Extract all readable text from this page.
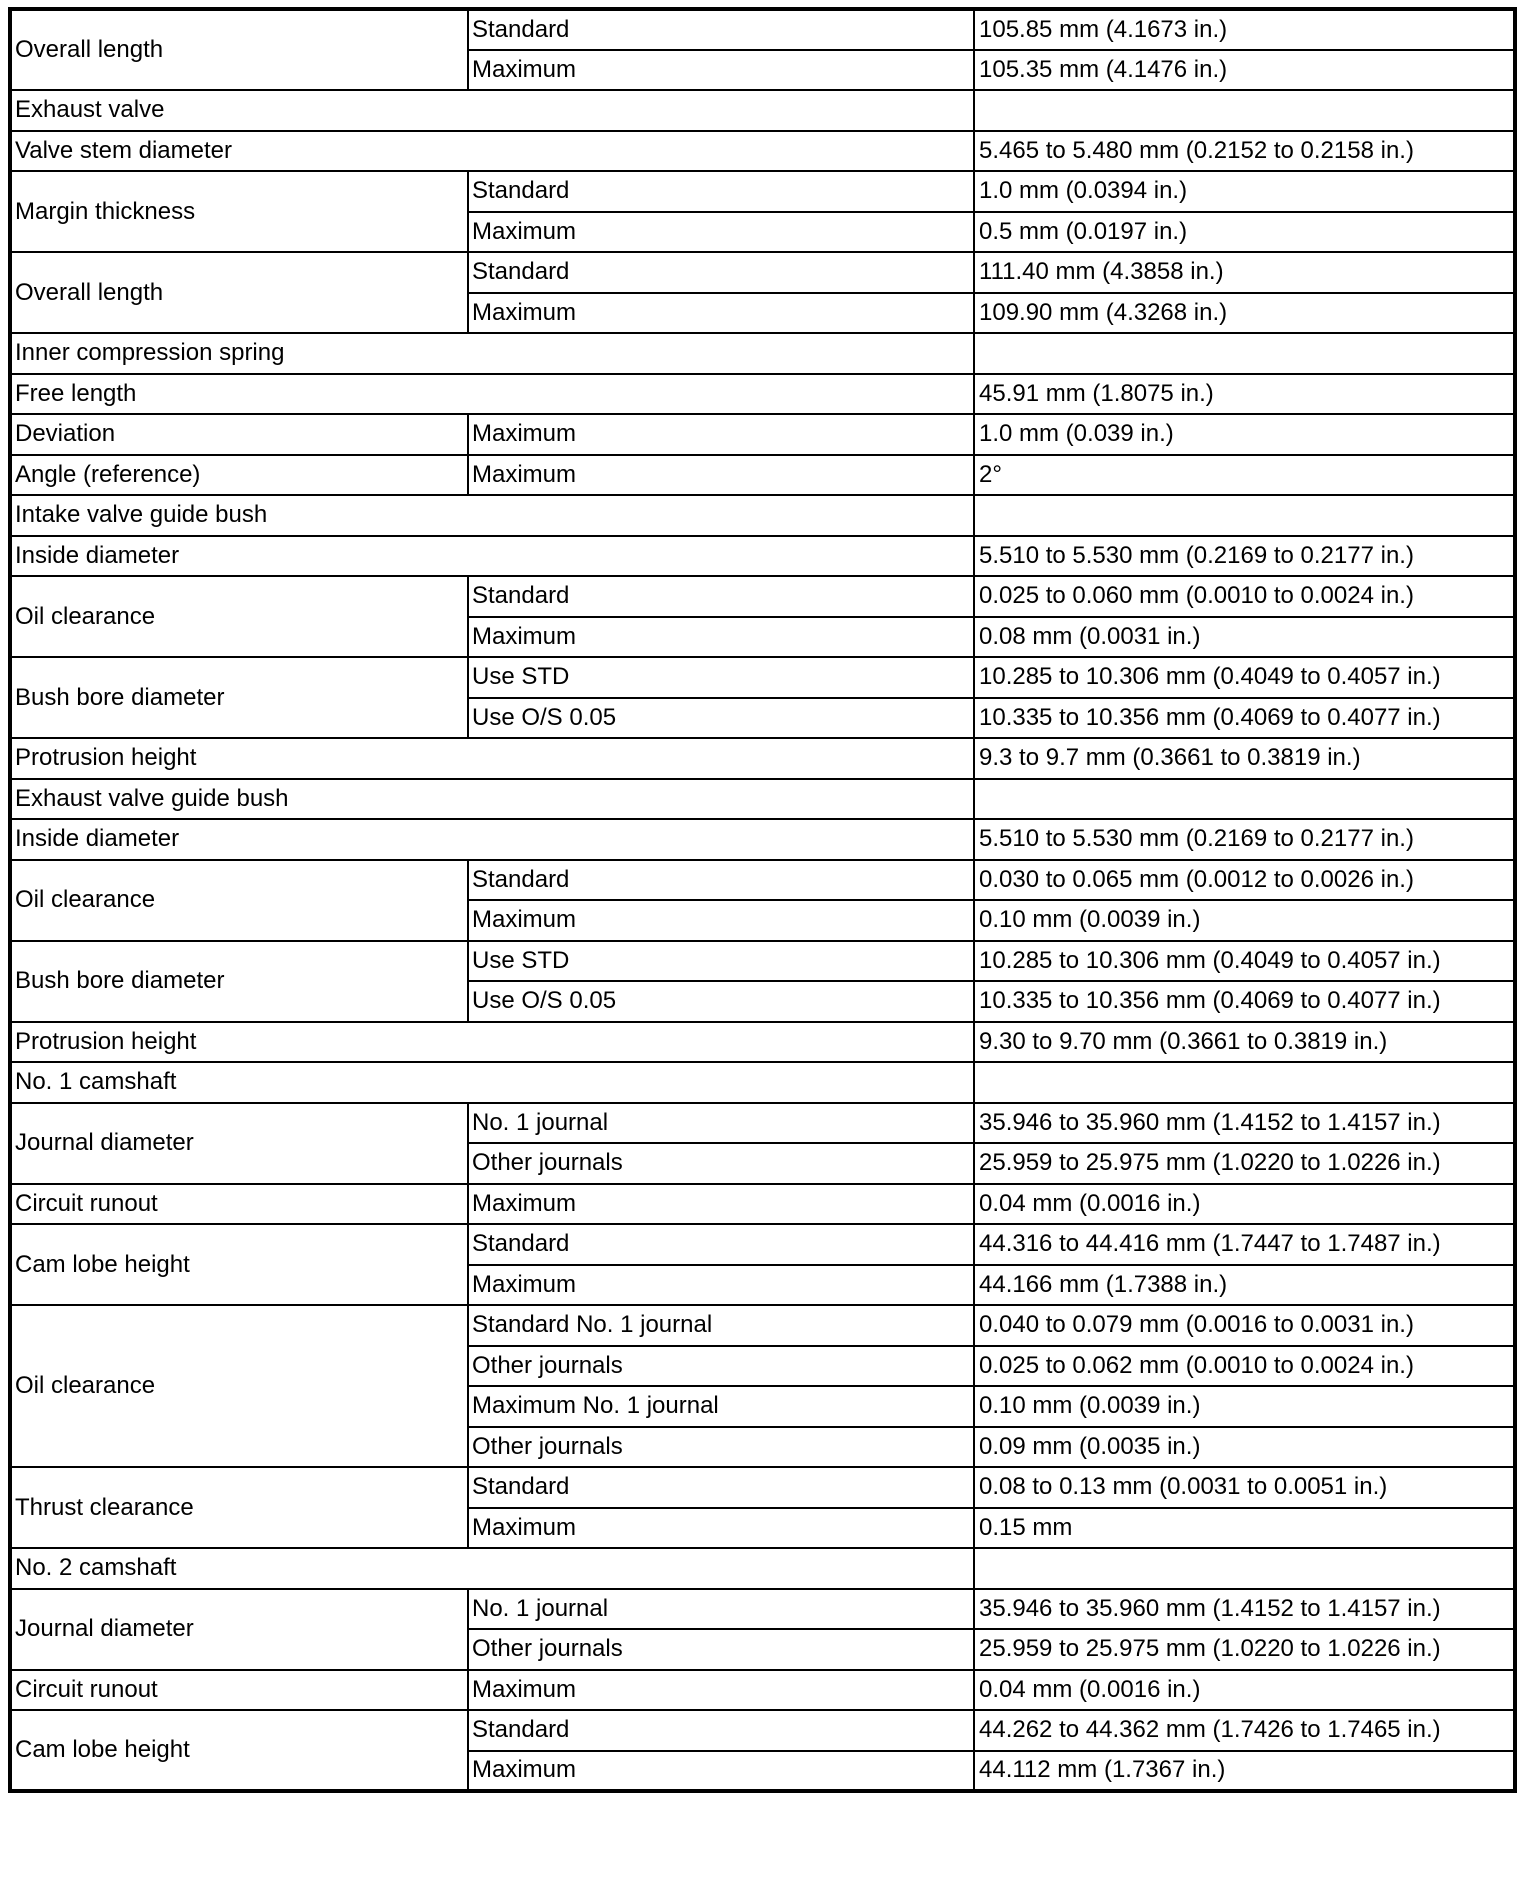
Overall length	Standard	105.85 mm (4.1673 in.)
	Maximum	105.35 mm (4.1476 in.)
Exhaust valve		
Valve stem diameter		5.465 to 5.480 mm (0.2152 to 0.2158 in.)
Margin thickness	Standard	1.0 mm (0.0394 in.)
	Maximum	0.5 mm (0.0197 in.)
Overall length	Standard	111.40 mm (4.3858 in.)
	Maximum	109.90 mm (4.3268 in.)
Inner compression spring		
Free length		45.91 mm (1.8075 in.)
Deviation	Maximum	1.0 mm (0.039 in.)
Angle (reference)	Maximum	2°
Intake valve guide bush		
Inside diameter		5.510 to 5.530 mm (0.2169 to 0.2177 in.)
Oil clearance	Standard	0.025 to 0.060 mm (0.0010 to 0.0024 in.)
	Maximum	0.08 mm (0.0031 in.)
Bush bore diameter	Use STD	10.285 to 10.306 mm (0.4049 to 0.4057 in.)
	Use O/S 0.05	10.335 to 10.356 mm (0.4069 to 0.4077 in.)
Protrusion height		9.3 to 9.7 mm (0.3661 to 0.3819 in.)
Exhaust valve guide bush		
Inside diameter		5.510 to 5.530 mm (0.2169 to 0.2177 in.)
Oil clearance	Standard	0.030 to 0.065 mm (0.0012 to 0.0026 in.)
	Maximum	0.10 mm (0.0039 in.)
Bush bore diameter	Use STD	10.285 to 10.306 mm (0.4049 to 0.4057 in.)
	Use O/S 0.05	10.335 to 10.356 mm (0.4069 to 0.4077 in.)
Protrusion height		9.30 to 9.70 mm (0.3661 to 0.3819 in.)
No. 1 camshaft		
Journal diameter	No. 1 journal	35.946 to 35.960 mm (1.4152 to 1.4157 in.)
	Other journals	25.959 to 25.975 mm (1.0220 to 1.0226 in.)
Circuit runout	Maximum	0.04 mm (0.0016 in.)
Cam lobe height	Standard	44.316 to 44.416 mm (1.7447 to 1.7487 in.)
	Maximum	44.166 mm (1.7388 in.)
Oil clearance	Standard No. 1 journal	0.040 to 0.079 mm (0.0016 to 0.0031 in.)
	Other journals	0.025 to 0.062 mm (0.0010 to 0.0024 in.)
	Maximum No. 1 journal	0.10 mm (0.0039 in.)
	Other journals	0.09 mm (0.0035 in.)
Thrust clearance	Standard	0.08 to 0.13 mm (0.0031 to 0.0051 in.)
	Maximum	0.15 mm
No. 2 camshaft		
Journal diameter	No. 1 journal	35.946 to 35.960 mm (1.4152 to 1.4157 in.)
	Other journals	25.959 to 25.975 mm (1.0220 to 1.0226 in.)
Circuit runout	Maximum	0.04 mm (0.0016 in.)
Cam lobe height	Standard	44.262 to 44.362 mm (1.7426 to 1.7465 in.)
	Maximum	44.112 mm (1.7367 in.)
